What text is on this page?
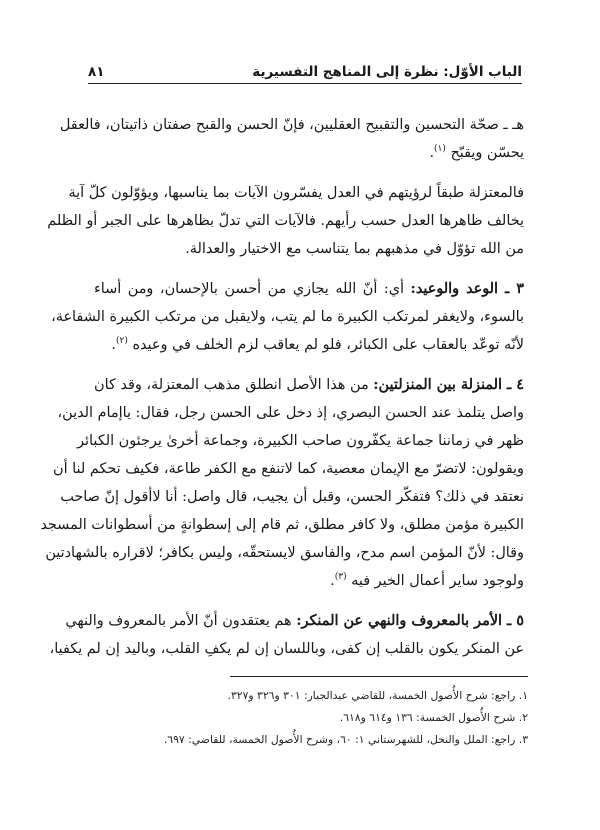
الباب الأوّل: نظرة إلى المناهج التفسيرية
٨١
هـ ـ صحّة التحسين والتقبيح العقليين، فإنّ الحسن والقبح صفتان ذاتيتان، فالعقل
يحسّن ويقبّح $^{(١)}$.
فالمعتزلة طبقاً لرؤيتهم في العدل يفسّرون الآيات بما يناسبها، ويؤوّلون كلّ آية
يخالف ظاهرها العدل حسب رأيهم. فالآيات التي تدلّ بظاهرها على الجبر أو الظلم
من الله تؤوّل في مذهبهم بما يتناسب مع الاختيار والعدالة.
٣ ـ الوعد والوعيد: أي: أنّ الله يجازي من أحسن بالإحسان، ومن أساء
بالسوء، ولايغفر لمرتكب الكبيرة ما لم يتب، ولايقبل من مرتكب الكبيرة الشفاعة،
لأنّه توعّد بالعقاب على الكبائر، فلو لم يعاقب لزم الخلف في وعيده $^{(٢)}$.
٤ ـ المنزلة بين المنزلتين: من هذا الأصل انطلق مذهب المعتزلة، وقد كان
واصل يتلمذ عند الحسن البصري، إذ دخل على الحسن رجل، فقال: ياإمام الدين،
ظهر في زماننا جماعة يكفّرون صاحب الكبيرة، وجماعة أخرىٰ يرجئون الكبائر
ويقولون: لاتضرّ مع الإيمان معصية، كما لاتنفع مع الكفر طاعة، فكيف تحكم لنا أن
نعتقد في ذلك؟ فتفكّر الحسن، وقبل أن يجيب، قال واصل: أنا لاأقول إنّ صاحب
الكبيرة مؤمن مطلق، ولا كافر مطلق، ثم قام إلى إسطوانةٍ من أسطوانات المسجد
وقال: لأنّ المؤمن اسم مدح، والفاسق لايستحقّه، وليس بكافر؛ لاقراره بالشهادتين
ولوجود ساير أعمال الخير فيه $^{(٣)}$.
٥ ـ الأمر بالمعروف والنهي عن المنكر: هم يعتقدون أنّ الأمر بالمعروف والنهي
عن المنكر يكون بالقلب إن كفى، وباللسان إن لم يكفِ القلب، وباليد إن لم يكفيا،
١. راجع: شرح الأُصول الخمسة، للقاضي عبدالجبار: ٣٠١ و٣٢٦ و٣٢٧.
٢. شرح الأُصول الخمسة: ١٣٦ و٦١٤ و٦١٨.
٣. راجع: الملل والنحل، للشهرستاني ١: ٦٠، وشرح الأُصول الخمسة، للقاضي: ٦٩٧.
